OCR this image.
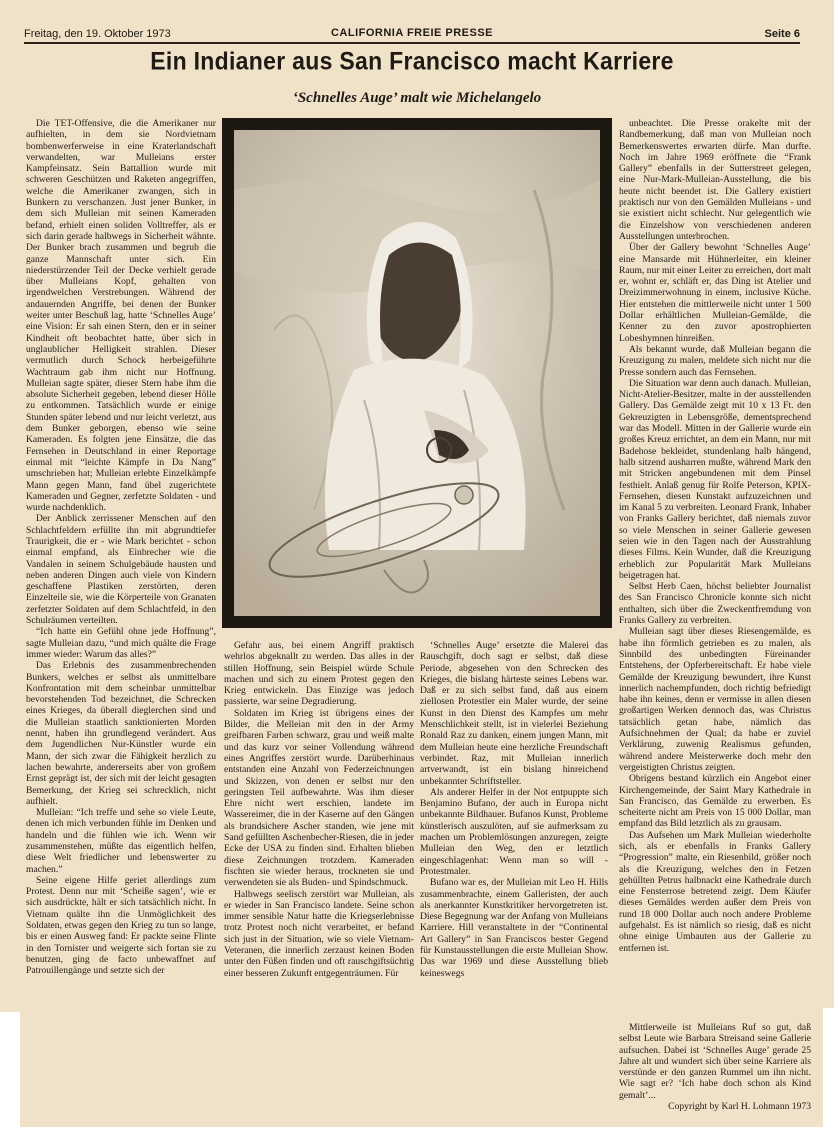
Freitag, den 19. Oktober 1973	CALIFORNIA FREIE PRESSE	Seite 6
Ein Indianer aus San Francisco macht Karriere
‘Schnelles Auge’ malt wie Michelangelo

Die TET-Offensive, die die Amerikaner nur aufhielten, in dem sie Nordvietnam bombenwerferweise in eine Kraterlandschaft verwandelten, war Mulleians erster Kampfeinsatz. Sein Battallion wurde mit schweren Geschützen und Raketen angegriffen, welche die Amerikaner zwangen, sich in Bunkern zu verschanzen. Just jener Bunker, in dem sich Mulleian mit seinen Kameraden befand, erhielt einen soliden Volltreffer, als er sich darin gerade halbwegs in Sicherheit wähnte. Der Bunker brach zusammen und begrub die ganze Mannschaft unter sich. Ein niederstürzender Teil der Decke verhielt gerade über Mulleians Kopf, gehalten von irgendwelchen Verstrebungen. Während der andauernden Angriffe, bei denen der Bunker weiter unter Beschuß lag, hatte ‘Schnelles Auge’ eine Vision: Er sah einen Stern, den er in seiner Kindheit oft beobachtet hatte, über sich in unglaublicher Helligkeit strahlen. Dieser vermutlich durch Schock herbeigeführte Wachtraum gab ihm nicht nur Hoffnung. Mulleian sagte später, dieser Stern habe ihm die absolute Sicherheit gegeben, lebend dieser Hölle zu entkommen. Tatsächlich wurde er einige Stunden später lebend und nur leicht verletzt, aus dem Bunker geborgen, ebenso wie seine Kameraden. Es folgten jene Einsätze, die das Fernsehen in Deutschland in einer Reportage einmal mit “leichte Kämpfe in Da Nang” umschrieben hat; Mulleian erlebte Einzelkämpfe Mann gegen Mann, fand übel zugerichtete Kameraden und Gegner, zerfetzte Soldaten - und wurde nachdenklich.

Der Anblick zerrissener Menschen auf den Schlachtfeldern erfüllte ihn mit abgrundtiefer Traurigkeit, die er - wie Mark berichtet - schon einmal empfand, als Einbrecher wie die Vandalen in seinem Schulgebäude hausten und neben anderen Dingen auch viele von Kindern geschaffene Plastiken zerstörten, deren Einzelteile sie, wie die Körperteile von Granaten zerfetzter Soldaten auf dem Schlachtfeld, in den Schulräumen verteilten.

“Ich hatte ein Gefühl ohne jede Hoffnung”, sagte Mulleian dazu, “und mich quälte die Frage immer wieder: Warum das alles?”

Das Erlebnis des zusammenbrechenden Bunkers, welches er selbst als unmittelbare Konfrontation mit dem scheinbar unmittelbar bevorstehenden Tod bezeichnet, die Schrecken eines Krieges, da überall dieglerchen sind und die Mulleian staatlich sanktionierten Morden nennt, haben ihn grundlegend verändert. Aus dem Jugendlichen Nur-Künstler wurde ein Mann, der sich zwar die Fähigkeit herzlich zu lachen bewahrte, andererseits aber von großem Ernst geprägt ist, der sich mit der leicht gesagten Bemerkung, der Krieg sei schrecklich, nicht aufhielt.

Mulleian: “Ich treffe und sehe so viele Leute, denen ich mich verbunden fühle im Denken und handeln und die fühlen wie ich. Wenn wir zusammenstehen, müßte das eigentlich helfen, diese Welt friedlicher und lebenswerter zu machen.”

Seine eigene Hilfe geriet allerdings zum Protest. Denn nur mit ‘Scheiße sagen’, wie er sich ausdrückte, hält er sich tatsächlich nicht. In Vietnam quälte ihn die Unmöglichkeit des Soldaten, etwas gegen den Krieg zu tun so lange, bis er einen Ausweg fand: Er packte seine Flinte in den Tornister und weigerte sich fortan sie zu benutzen, ging de facto unbewaffnet auf Patrouillengänge und setzte sich der

Gefahr aus, bei einem Angriff praktisch wehrlos abgeknallt zu werden. Das alles in der stillen Hoffnung, sein Beispiel würde Schule machen und sich zu einem Protest gegen den Krieg entwickeln. Das Einzige was jedoch passierte, war seine Degradierung.

Soldaten im Krieg ist übrigens eines der Bilder, die Melleian mit den in der Army greifbaren Farben schwarz, grau und weiß malte und das kurz vor seiner Vollendung während eines Angriffes zerstört wurde. Darüberhinaus entstanden eine Anzahl von Federzeichnungen und Skizzen, von denen er selbst nur den geringsten Teil aufbewahrte. Was ihm dieser Ehre nicht wert erschien, landete im Wassereimer, die in der Kaserne auf den Gängen als brandsichere Ascher standen, wie jene mit Sand gefüllten Aschenbecher-Riesen, die in jeder Ecke der USA zu finden sind. Erhalten blieben diese Zeichnungen trotzdem. Kameraden fischten sie wieder heraus, trockneten sie und verwendeten sie als Buden- und Spindschmuck.

Halbwegs seelisch zerstört war Mulleian, als er wieder in San Francisco landete. Seine schon immer sensible Natur hatte die Kriegserlebnisse trotz Protest noch nicht verarbeitet, er befand sich just in der Situation, wie so viele Vietnam-Veteranen, die innerlich zerzaust keinen Boden unter den Füßen finden und oft rauschgiftsüchtig einer besseren Zukunft entgegenträumen. Für

‘Schnelles Auge’ ersetzte die Malerei das Rauschgift, doch sagt er selbst, daß diese Periode, abgesehen von den Schrecken des Krieges, die bislang härteste seines Lebens war. Daß er zu sich selbst fand, daß aus einem ziellosen Protestler ein Maler wurde, der seine Kunst in den Dienst des Kampfes um mehr Menschlichkeit stellt, ist in vielerlei Beziehung Ronald Raz zu danken, einem jungen Mann, mit dem Mulleian heute eine herzliche Freundschaft verbindet. Raz, mit Mulleian innerlich artverwandt, ist ein bislang hinreichend unbekannter Schriftsteller.

Als anderer Helfer in der Not entpuppte sich Benjamino Bufano, der auch in Europa nicht unbekannte Bildhauer. Bufanos Kunst, Probleme künstlerisch auszulöten, auf sie aufmerksam zu machen um Problemlösungen anzuregen, zeigte Mulleian den Weg, den er letztlich eingeschlagenhat: Wenn man so will - Protestmaler.

Bufano war es, der Mulleian mit Leo H. Hills zusammenbrachte, einem Galleristen, der auch als anerkannter Kunstkritiker hervorgetreten ist. Diese Begegnung war der Anfang von Mulleians Karriere. Hill veranstaltete in der “Continental Art Gallery” in San Franciscos bester Gegend für Kunstausstellungen die erste Mulleian Show. Das war 1969 und diese Ausstellung blieb keineswegs

unbeachtet. Die Presse orakelte mit der Randbemerkung, daß man von Mulleian noch Bemerkenswertes erwarten dürfe. Man durfte. Noch im Jahre 1969 eröffnete die “Frank Gallery” ebenfalls in der Sutterstreet gelegen, eine Nur-Mark-Mulleian-Ausstellung, die bis heute nicht beendet ist. Die Gallery existiert praktisch nur von den Gemälden Mulleians - und sie existiert nicht schlecht. Nur gelegentlich wie die Einzelshow von verschiedenen anderen Ausstellungen unterbrochen.

Über der Gallery bewohnt ‘Schnelles Auge’ eine Mansarde mit Hühnerleiter, ein kleiner Raum, nur mit einer Leiter zu erreichen, dort malt er, wohnt er, schläft er, das Ding ist Atelier und Dreizimmerwohnung in einem, inclusive Küche. Hier entstehen die mittlerweile nicht unter 1 500 Dollar erhältlichen Mulleian-Gemälde, die Kenner zu den zuvor apostrophierten Lobeshymnen hinreißen.

Als bekannt wurde, daß Mulleian begann die Kreuzigung zu malen, meldete sich nicht nur die Presse sondern auch das Fernsehen.

Die Situation war denn auch danach. Mulleian, Nicht-Atelier-Besitzer, malte in der ausstellenden Gallery. Das Gemälde zeigt mit 10 x 13 Ft. den Gekreuzigten in Lebensgröße, dementsprechend war das Modell. Mitten in der Gallerie wurde ein großes Kreuz errichtet, an dem ein Mann, nur mit Badehose bekleidet, stundenlang halb hängend, halb sitzend ausharren mußte, während Mark den mit Stricken angebundenen mit dem Pinsel festhielt. Anlaß genug für Rolfe Peterson, KPIX-Fernsehen, diesen Kunstakt aufzuzeichnen und im Kanal 5 zu verbreiten. Leonard Frank, Inhaber von Franks Gallery berichtet, daß niemals zuvor so viele Menschen in seiner Gallerie gewesen seien wie in den Tagen nach der Ausstrahlung dieses Films. Kein Wunder, daß die Kreuzigung erheblich zur Popularität Mark Mulleians beigetragen hat.

Selbst Herb Caen, höchst beliebter Journalist des San Francisco Chronicle konnte sich nicht enthalten, sich über die Zweckentfremdung von Franks Gallery zu verbreiten.

Mulleian sagt über dieses Riesengemälde, es habe ihn förmlich getrieben es zu malen, als Sinnbild des unbedingten Füreinander Entstehens, der Opferbereitschaft. Er habe viele Gemälde der Kreuzigung bewundert, ihre Kunst innerlich nachempfunden, doch richtig befriedigt habe ihn keines, denn er vermisse in allen diesen großartigen Werken dennoch das, was Christus tatsächlich getan habe, nämlich das Aufsichnehmen der Qual; da habe er zuviel Verklärung, zuwenig Realismus gefunden, während andere Meisterwerke doch mehr den vergeistigten Christus zeigten.

Obrigens bestand kürzlich ein Angebot einer Kirchengemeinde, der Saint Mary Kathedrale in San Francisco, das Gemälde zu erwerben. Es scheiterte nicht am Preis von 15 000 Dollar, man empfand das Bild letztlich als zu grausam.

Das Aufsehen um Mark Mulleian wiederholte sich, als er ebenfalls in Franks Gallery “Progression” malte, ein Riesenbild, größer noch als die Kreuzigung, welches den in Fetzen gehüllten Petrus halbnackt eine Kathedrale durch eine Fensterrose betretend zeigt. Dem Käufer dieses Gemäldes werden außer dem Preis von rund 18 000 Dollar auch noch andere Probleme aufgehalst. Es ist nämlich so riesig, daß es nicht ohne einige Umbauten aus der Gallerie zu entfernen ist.

Mittlerweile ist Mulleians Ruf so gut, daß selbst Leute wie Barbara Streisand seine Gallerie aufsuchen. Dabei ist ‘Schnelles Auge’ gerade 25 Jahre alt und wundert sich über seine Karriere als verstünde er den ganzen Rummel um ihn nicht. Wie sagt er? ‘Ich habe doch schon als Kind gemalt’...

Copyright by Karl H. Lohmann 1973
